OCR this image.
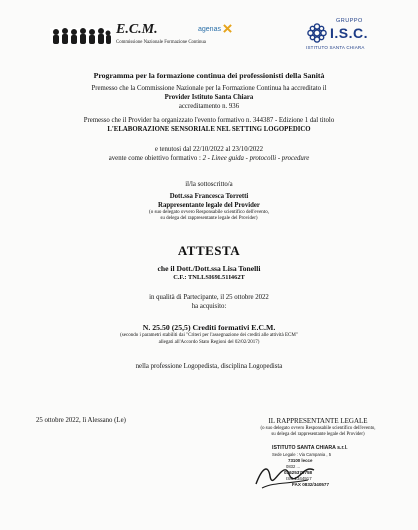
E.C.M.
Commissione Nazionale Formazione Continua
agenas
GRUPPO
I.S.C.
ISTITUTO SANTA CHIARA
Programma per la formazione continua dei professionisti della Sanità
Premesso che la Commissione Nazionale per la Formazione Continua ha accreditato il
Provider Istituto Santa Chiara
accreditamento n. 936
Premesso che il Provider ha organizzato l'evento formativo n. 344387 - Edizione 1 dal titolo
L'ELABORAZIONE SENSORIALE NEL SETTING LOGOPEDICO
e tenutosi dal 22/10/2022 al 23/10/2022
avente come obiettivo formativo : 2 - Linee guida - protocolli - procedure
il/la sottoscritto/a
Dott.ssa Francesca Torretti
Rappresentante legale del Provider
(o suo delegato ovvero Responsabile scientifico dell'evento,
su delega del rappresentante legale del Provider)
ATTESTA
che il Dott./Dott.ssa Lisa Tonelli
C.F.: TNLLSI69L51I462T
in qualità di Partecipante, il 25 ottobre 2022
ha acquisito:
N. 25.50 (25,5) Crediti formativi E.C.M.
(secondo i parametri stabiliti dai "Criteri per l'assegnazione dei crediti alle attività ECM"
allegati all'Accordo Stato Regioni del 02/02/2017)
nella professione Logopedista, disciplina Logopedista
25 ottobre 2022, lì Alessano (Le)	IL RAPPRESENTANTE LEGALE
(o suo delegato ovvero Responsabile scientifico dell'evento,
su delega del rappresentante legale del Provider)
ISTITUTO SANTA CHIARA s.r.l.
Sede Legale : Via Campania , 5
73100 lecce
0832 ...
03625370758
ISC 1344917
FAX 0832/340577
